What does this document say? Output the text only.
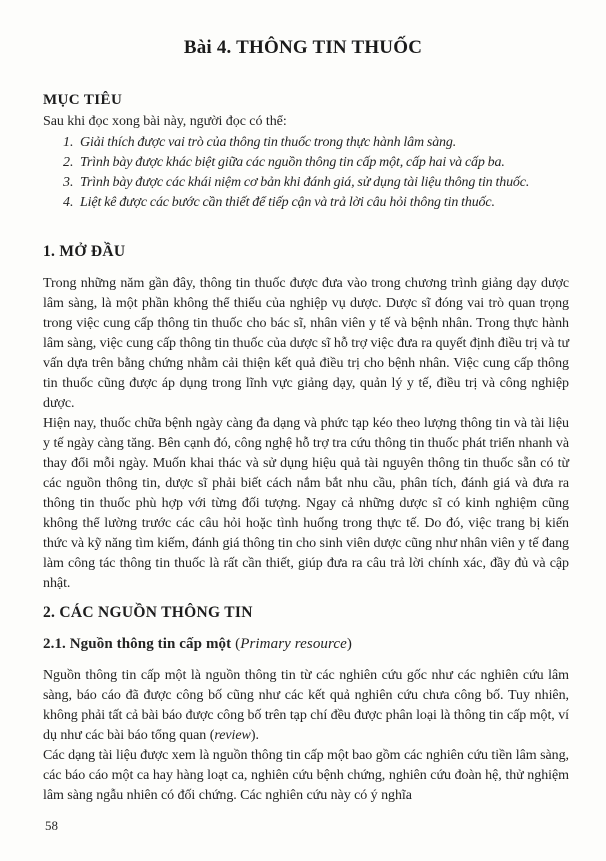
Bài 4. THÔNG TIN THUỐC
MỤC TIÊU

Sau khi đọc xong bài này, người đọc có thể:

1. Giải thích được vai trò của thông tin thuốc trong thực hành lâm sàng.
2. Trình bày được khác biệt giữa các nguồn thông tin cấp một, cấp hai và cấp ba.
3. Trình bày được các khái niệm cơ bản khi đánh giá, sử dụng tài liệu thông tin thuốc.
4. Liệt kê được các bước cần thiết để tiếp cận và trả lời câu hỏi thông tin thuốc.
1. MỞ ĐẦU

Trong những năm gần đây, thông tin thuốc được đưa vào trong chương trình giảng dạy dược lâm sàng, là một phần không thể thiếu của nghiệp vụ dược. Dược sĩ đóng vai trò quan trọng trong việc cung cấp thông tin thuốc cho bác sĩ, nhân viên y tế và bệnh nhân. Trong thực hành lâm sàng, việc cung cấp thông tin thuốc của dược sĩ hỗ trợ việc đưa ra quyết định điều trị và tư vấn dựa trên bằng chứng nhằm cải thiện kết quả điều trị cho bệnh nhân. Việc cung cấp thông tin thuốc cũng được áp dụng trong lĩnh vực giảng dạy, quản lý y tế, điều trị và công nghiệp dược.

Hiện nay, thuốc chữa bệnh ngày càng đa dạng và phức tạp kéo theo lượng thông tin và tài liệu y tế ngày càng tăng. Bên cạnh đó, công nghệ hỗ trợ tra cứu thông tin thuốc phát triển nhanh và thay đổi mỗi ngày. Muốn khai thác và sử dụng hiệu quả tài nguyên thông tin thuốc sẵn có từ các nguồn thông tin, dược sĩ phải biết cách nắm bắt nhu cầu, phân tích, đánh giá và đưa ra thông tin thuốc phù hợp với từng đối tượng. Ngay cả những dược sĩ có kinh nghiệm cũng không thể lường trước các câu hỏi hoặc tình huống trong thực tế. Do đó, việc trang bị kiến thức và kỹ năng tìm kiếm, đánh giá thông tin cho sinh viên dược cũng như nhân viên y tế đang làm công tác thông tin thuốc là rất cần thiết, giúp đưa ra câu trả lời chính xác, đầy đủ và cập nhật.

2. CÁC NGUỒN THÔNG TIN
2.1. Nguồn thông tin cấp một (Primary resource)

Nguồn thông tin cấp một là nguồn thông tin từ các nghiên cứu gốc như các nghiên cứu lâm sàng, báo cáo đã được công bố cũng như các kết quả nghiên cứu chưa công bố. Tuy nhiên, không phải tất cả bài báo được công bố trên tạp chí đều được phân loại là thông tin cấp một, ví dụ như các bài báo tổng quan (review).

Các dạng tài liệu được xem là nguồn thông tin cấp một bao gồm các nghiên cứu tiền lâm sàng, các báo cáo một ca hay hàng loạt ca, nghiên cứu bệnh chứng, nghiên cứu đoàn hệ, thử nghiệm lâm sàng ngẫu nhiên có đối chứng. Các nghiên cứu này có ý nghĩa

58
